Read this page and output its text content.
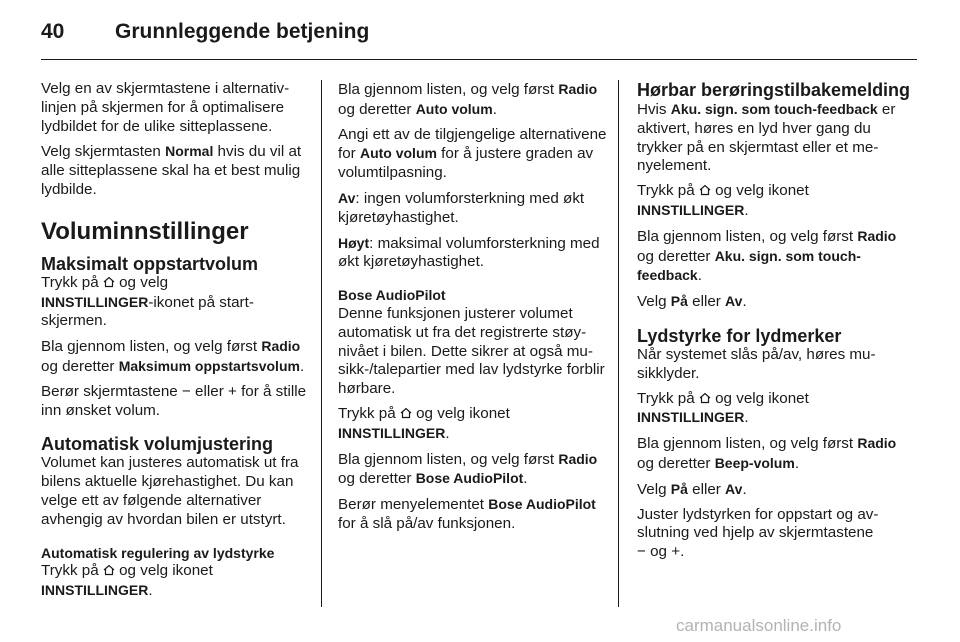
40 Grunnleggende betjening

Velg en av skjermtastene i alternativlinjen på skjermen for å optimalisere lydbildet for de ulike sitteplassene.

Velg skjermtasten Normal hvis du vil at alle sitteplassene skal ha et best mulig lydbilde.

Voluminnstillinger
Maksimalt oppstartvolum

Trykk på
og velg
INNSTILLINGER-ikonet på startskjermen.

Bla gjennom listen, og velg først Radio og deretter Maksimum oppstartsvolum.

Berør skjermtastene − eller + for å stille inn ønsket volum.

Automatisk volumjustering

Volumet kan justeres automatisk ut fra bilens aktuelle kjørehastighet. Du kan velge ett av følgende alternativer avhengig av hvordan bilen er utstyrt.

Automatisk regulering av lydstyrke

Trykk på
og velg ikonet
INNSTILLINGER.

Bla gjennom listen, og velg først Radio og deretter Auto volum.

Angi ett av de tilgjengelige alternativene for Auto volum for å justere graden av volumtilpasning.

Av: ingen volumforsterkning med økt kjøretøyhastighet.

Høyt: maksimal volumforsterkning med økt kjøretøyhastighet.

Bose AudioPilot

Denne funksjonen justerer volumet automatisk ut fra det registrerte støynivået i bilen. Dette sikrer at også musikk-/talepartier med lav lydstyrke forblir hørbare.

Trykk på
og velg ikonet
INNSTILLINGER.

Bla gjennom listen, og velg først Radio og deretter Bose AudioPilot.

Berør menyelementet Bose AudioPilot for å slå på/av funksjonen.

Hørbar berøringstilbakemelding

Hvis Aku. sign. som touch-feedback er aktivert, høres en lyd hver gang du trykker på en skjermtast eller et menyelement.

Trykk på
og velg ikonet
INNSTILLINGER.

Bla gjennom listen, og velg først Radio og deretter Aku. sign. som touch-feedback.

Velg På eller Av.

Lydstyrke for lydmerker

Når systemet slås på/av, høres musikklyder.

Trykk på
og velg ikonet
INNSTILLINGER.

Bla gjennom listen, og velg først Radio og deretter Beep-volum.

Velg På eller Av.

Juster lydstyrken for oppstart og avslutning ved hjelp av skjermtastene
− og +.

carmanualsonline.info
